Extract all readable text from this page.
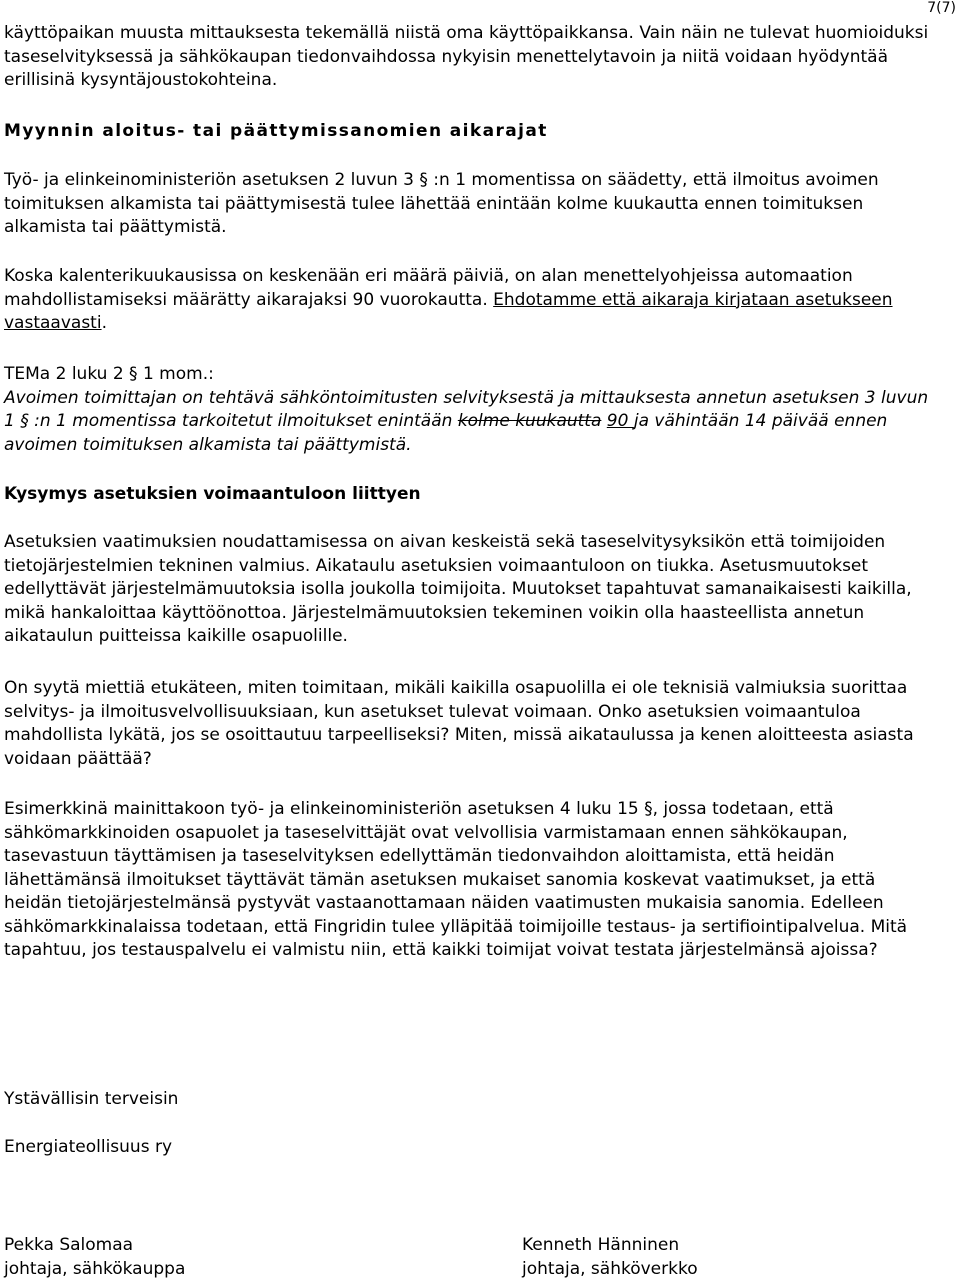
7(7)
käyttöpaikan muusta mittauksesta tekemällä niistä oma käyttöpaikkansa. Vain näin ne tulevat huomioiduksi taseselvityksessä ja sähkökaupan tiedonvaihdossa nykyisin menettelytavoin ja niitä voidaan hyödyntää erillisinä kysyntäjoustokohteina.
Myynnin aloitus- tai päättymissanomien aikarajat
Työ- ja elinkeinoministeriön asetuksen 2 luvun 3 § :n 1 momentissa on säädetty, että ilmoitus avoimen toimituksen alkamista tai päättymisestä tulee lähettää enintään kolme kuukautta ennen toimituksen alkamista tai päättymistä.
Koska kalenterikuukausissa on keskenään eri määrä päiviä, on alan menettelyohjeissa automaation mahdollistamiseksi määrätty aikarajaksi 90 vuorokautta. Ehdotamme että aikaraja kirjataan asetukseen vastaavasti.

TEMa 2 luku 2 § 1 mom.:

Avoimen toimittajan on tehtävä sähköntoimitusten selvityksestä ja mittauksesta annetun asetuksen 3 luvun 1 § :n 1 momentissa tarkoitetut ilmoitukset enintään kolme kuukautta 90 ja vähintään 14 päivää ennen avoimen toimituksen alkamista tai päättymistä.

Kysymys asetuksien voimaantuloon liittyen
Asetuksien vaatimuksien noudattamisessa on aivan keskeistä sekä taseselvitysyksikön että toimijoiden tietojärjestelmien tekninen valmius. Aikataulu asetuksien voimaantuloon on tiukka. Asetusmuutokset edellyttävät järjestelmämuutoksia isolla joukolla toimijoita. Muutokset tapahtuvat samanaikaisesti kaikilla, mikä hankaloittaa käyttöönottoa. Järjestelmämuutoksien tekeminen voikin olla haasteellista annetun aikataulun puitteissa kaikille osapuolille.
On syytä miettiä etukäteen, miten toimitaan, mikäli kaikilla osapuolilla ei ole teknisiä valmiuksia suorittaa selvitys- ja ilmoitusvelvollisuuksiaan, kun asetukset tulevat voimaan. Onko asetuksien voimaantuloa mahdollista lykätä, jos se osoittautuu tarpeelliseksi? Miten, missä aikataulussa ja kenen aloitteesta asiasta voidaan päättää?
Esimerkkinä mainittakoon työ- ja elinkeinoministeriön asetuksen 4 luku 15 §, jossa todetaan, että sähkömarkkinoiden osapuolet ja taseselvittäjät ovat velvollisia varmistamaan ennen sähkökaupan, tasevastuun täyttämisen ja taseselvityksen edellyttämän tiedonvaihdon aloittamista, että heidän lähettämänsä ilmoitukset täyttävät tämän asetuksen mukaiset sanomia koskevat vaatimukset, ja että heidän tietojärjestelmänsä pystyvät vastaanottamaan näiden vaatimusten mukaisia sanomia. Edelleen sähkömarkkinalaissa todetaan, että Fingridin tulee ylläpitää toimijoille testaus- ja sertifiointipalvelua. Mitä tapahtuu, jos testauspalvelu ei valmistu niin, että kaikki toimijat voivat testata järjestelmänsä ajoissa?
Ystävällisin terveisin
Energiateollisuus ry
Pekka Salomaa
johtaja, sähkökauppa
Kenneth Hänninen
johtaja, sähköverkko
